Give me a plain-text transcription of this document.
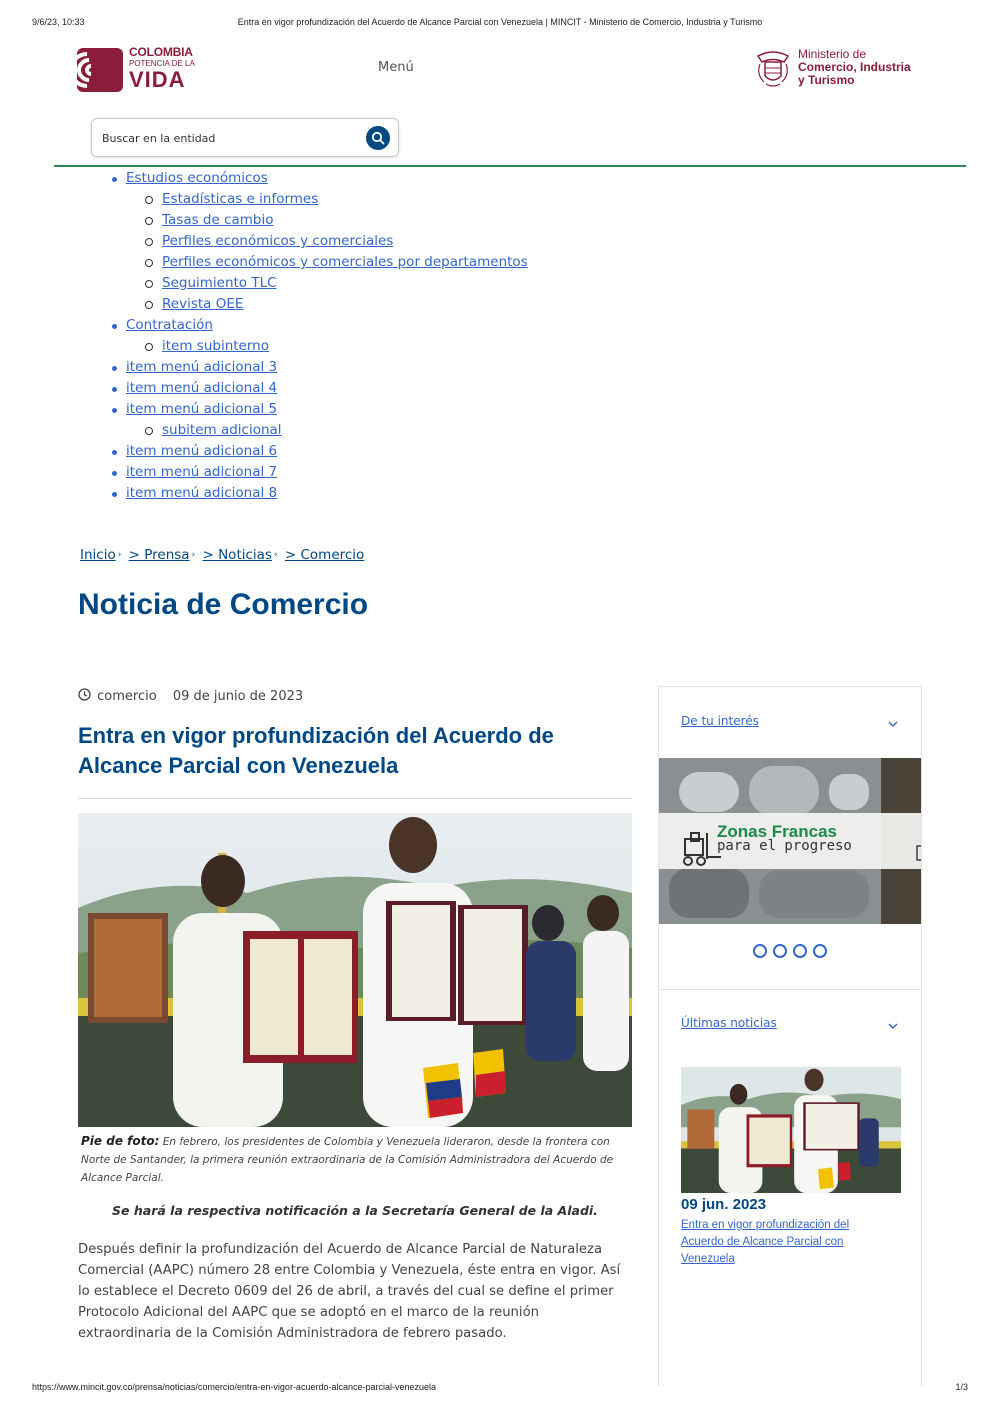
9/6/23, 10:33	Entra en vigor profundización del Acuerdo de Alcance Parcial con Venezuela | MINCIT - Ministerio de Comercio, Industria y Turismo
COLOMBIA
POTENCIA DE LA
VIDA	Menú
Ministerio de
Comercio, Industria
y Turismo
Buscar en la entidad
Estudios económicos
Estadísticas e informes
Tasas de cambio
Perfiles económicos y comerciales
Perfiles económicos y comerciales por departamentos
Seguimiento TLC
Revista OEE
Contratación
item subinterno
item menú adicional 3
item menú adicional 4
item menú adicional 5
subitem adicional
item menú adicional 6
item menú adicional 7
item menú adicional 8
Inicio › > Prensa › > Noticias › > Comercio
Noticia de Comercio
comercio 09 de junio de 2023
Entra en vigor profundización del Acuerdo de Alcance Parcial con Venezuela
Pie de foto: En febrero, los presidentes de Colombia y Venezuela lideraron, desde la frontera con Norte de Santander, la primera reunión extraordinaria de la Comisión Administradora del Acuerdo de Alcance Parcial.
Se hará la respectiva notificación a la Secretaría General de la Aladi.

Después definir la profundización del Acuerdo de Alcance Parcial de Naturaleza Comercial (AAPC) número 28 entre Colombia y Venezuela, éste entra en vigor. Así lo establece el Decreto 0609 del 26 de abril, a través del cual se define el primer Protocolo Adicional del AAPC que se adoptó en el marco de la reunión extraordinaria de la Comisión Administradora de febrero pasado.

De tu interés
Zonas Francas
para el progreso
Últimas noticias
09 jun. 2023
Entra en vigor profundización del Acuerdo de Alcance Parcial con Venezuela
https://www.mincit.gov.co/prensa/noticias/comercio/entra-en-vigor-acuerdo-alcance-parcial-venezuela	1/3
